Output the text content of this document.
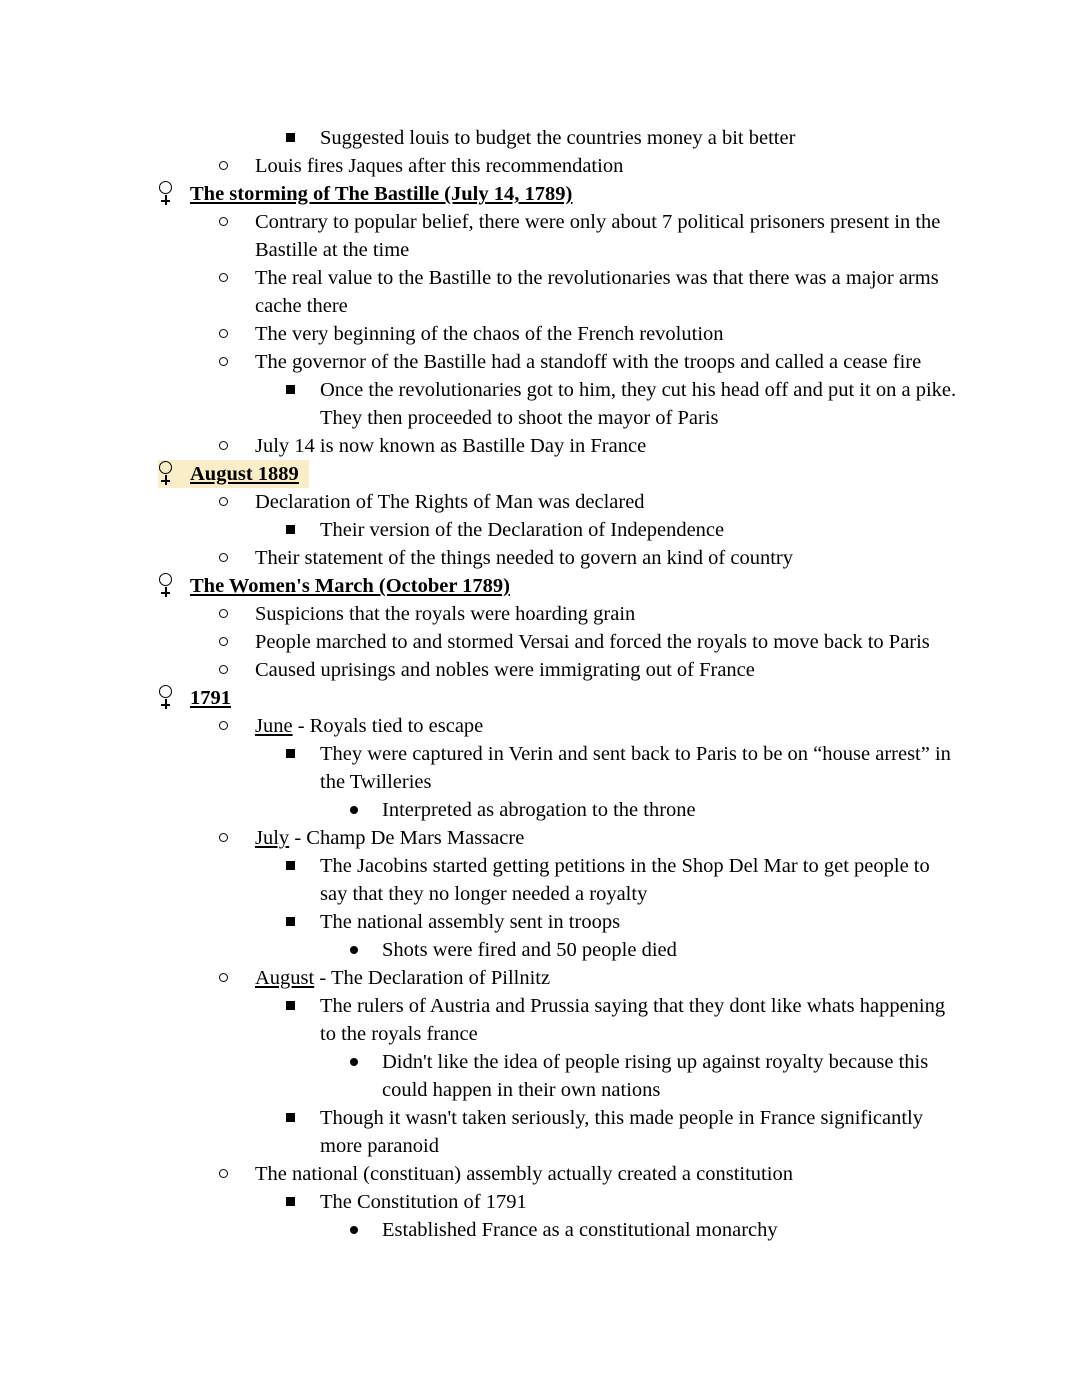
Suggested louis to budget the countries money a bit better
Louis fires Jaques after this recommendation
The storming of The Bastille (July 14, 1789)
Contrary to popular belief, there were only about 7 political prisoners present in the Bastille at the time
The real value to the Bastille to the revolutionaries was that there was a major arms cache there
The very beginning of the chaos of the French revolution
The governor of the Bastille had a standoff with the troops and called a cease fire
Once the revolutionaries got to him, they cut his head off and put it on a pike. They then proceeded to shoot the mayor of Paris
July 14 is now known as Bastille Day in France
August 1889
Declaration of The Rights of Man was declared
Their version of the Declaration of Independence
Their statement of the things needed to govern an kind of country
The Women's March (October 1789)
Suspicions that the royals were hoarding grain
People marched to and stormed Versai and forced the royals to move back to Paris
Caused uprisings and nobles were immigrating out of France
1791
June - Royals tied to escape
They were captured in Verin and sent back to Paris to be on “house arrest” in the Twilleries
Interpreted as abrogation to the throne
July - Champ De Mars Massacre
The Jacobins started getting petitions in the Shop Del Mar to get people to say that they no longer needed a royalty
The national assembly sent in troops
Shots were fired and 50 people died
August - The Declaration of Pillnitz
The rulers of Austria and Prussia saying that they dont like whats happening to the royals france
Didn't like the idea of people rising up against royalty because this could happen in their own nations
Though it wasn't taken seriously, this made people in France significantly more paranoid
The national (constituan) assembly actually created a constitution
The Constitution of 1791
Established France as a constitutional monarchy
